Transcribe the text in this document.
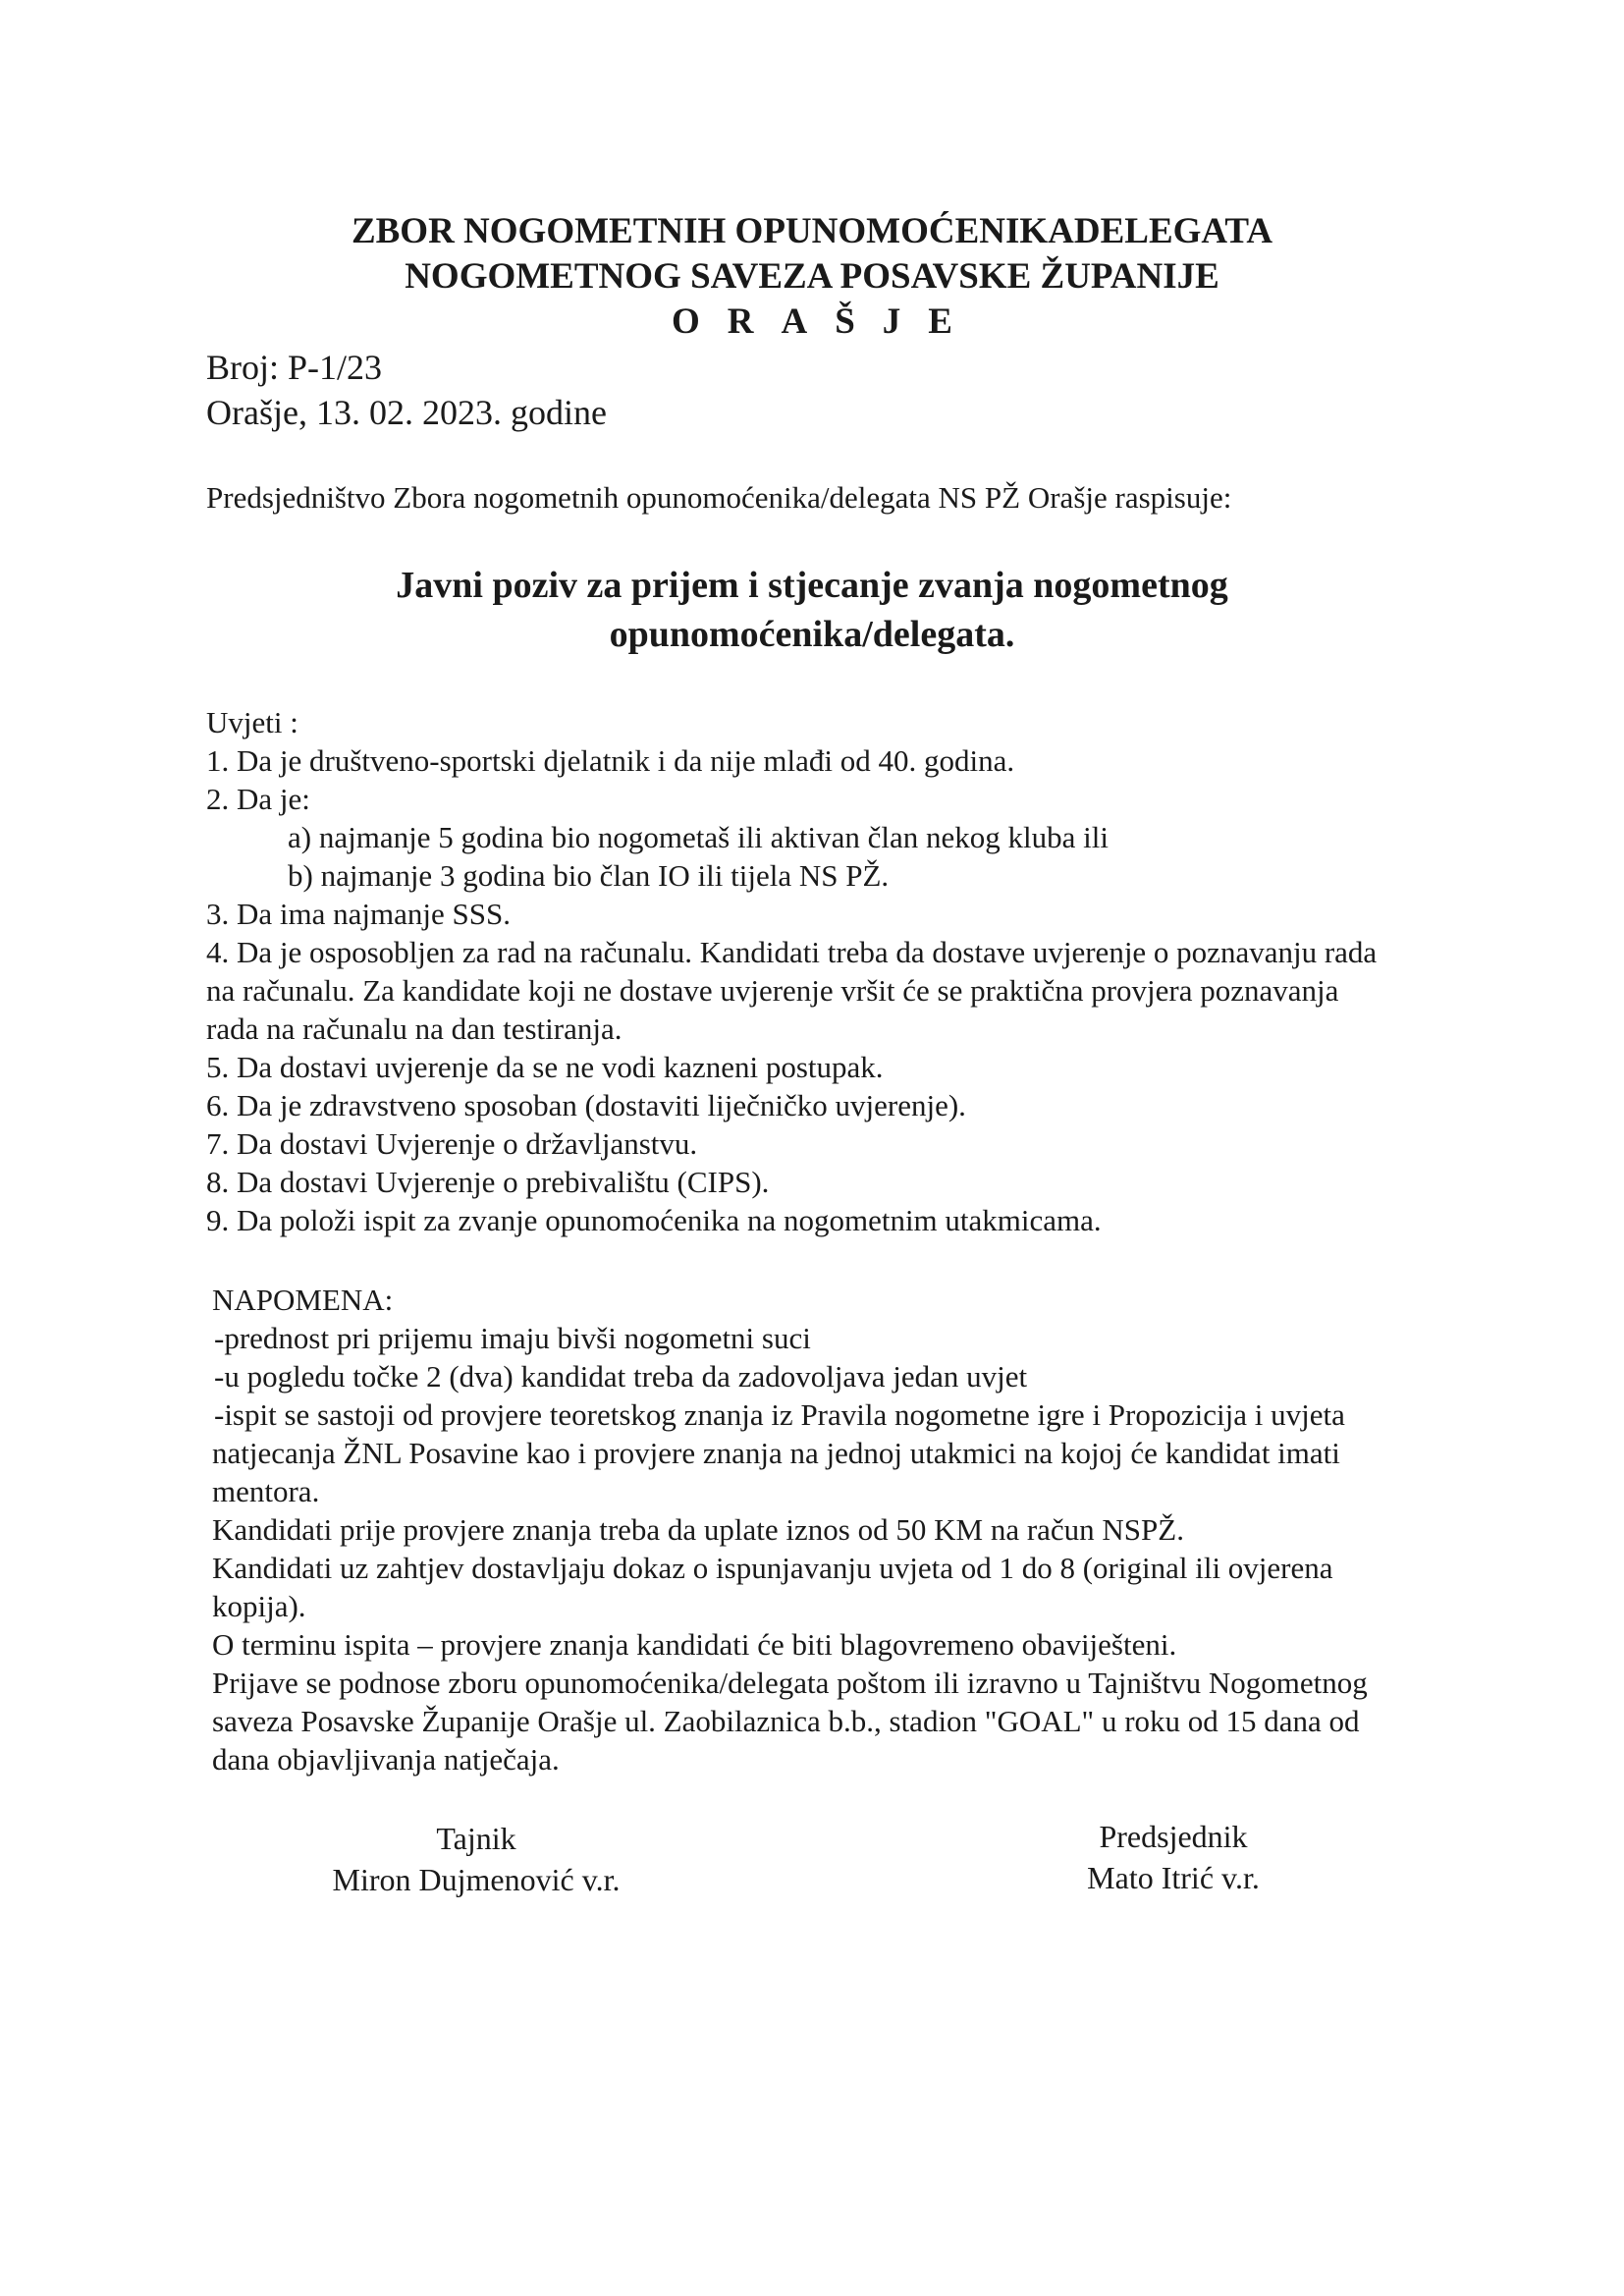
ZBOR NOGOMETNIH OPUNOMOĆENIKADELEGATA
NOGOMETNOG SAVEZA POSAVSKE ŽUPANIJE
ORAŠJE
Broj: P-1/23
Orašje, 13. 02. 2023. godine
Predsjedništvo Zbora nogometnih opunomoćenika/delegata NS PŽ Orašje raspisuje:
Javni poziv za prijem i stjecanje zvanja nogometnog
opunomoćenika/delegata.
Uvjeti :
1. Da je društveno-sportski djelatnik i da nije mlađi od 40. godina.
2. Da je:
a) najmanje 5 godina bio nogometaš ili aktivan član nekog kluba ili
b) najmanje 3 godina bio član IO ili tijela NS PŽ.
3. Da ima najmanje SSS.
4. Da je osposobljen za rad na računalu. Kandidati treba da dostave uvjerenje o poznavanju rada
na računalu. Za kandidate koji ne dostave uvjerenje vršit će se praktična provjera poznavanja
rada na računalu na dan testiranja.
5. Da dostavi uvjerenje da se ne vodi kazneni postupak.
6. Da je zdravstveno sposoban (dostaviti liječničko uvjerenje).
7. Da dostavi Uvjerenje o državljanstvu.
8. Da dostavi Uvjerenje o prebivalištu (CIPS).
9. Da položi ispit za zvanje opunomoćenika na nogometnim utakmicama.
NAPOMENA:
-prednost pri prijemu imaju bivši nogometni suci
-u pogledu točke 2 (dva) kandidat treba da zadovoljava jedan uvjet
-ispit se sastoji od provjere teoretskog znanja iz Pravila nogometne igre i Propozicija i uvjeta
natjecanja ŽNL Posavine kao i provjere znanja na jednoj utakmici na kojoj će kandidat imati
mentora.
Kandidati prije provjere znanja treba da uplate iznos od 50 KM na račun NSPŽ.
Kandidati uz zahtjev dostavljaju dokaz o ispunjavanju uvjeta od 1 do 8 (original ili ovjerena
kopija).
O terminu ispita – provjere znanja kandidati će biti blagovremeno obaviješteni.
Prijave se podnose zboru opunomoćenika/delegata poštom ili izravno u Tajništvu Nogometnog
saveza Posavske Županije Orašje ul. Zaobilaznica b.b., stadion "GOAL" u roku od 15 dana od
dana objavljivanja natječaja.
Tajnik
Miron Dujmenović v.r.
Predsjednik
Mato Itrić v.r.
